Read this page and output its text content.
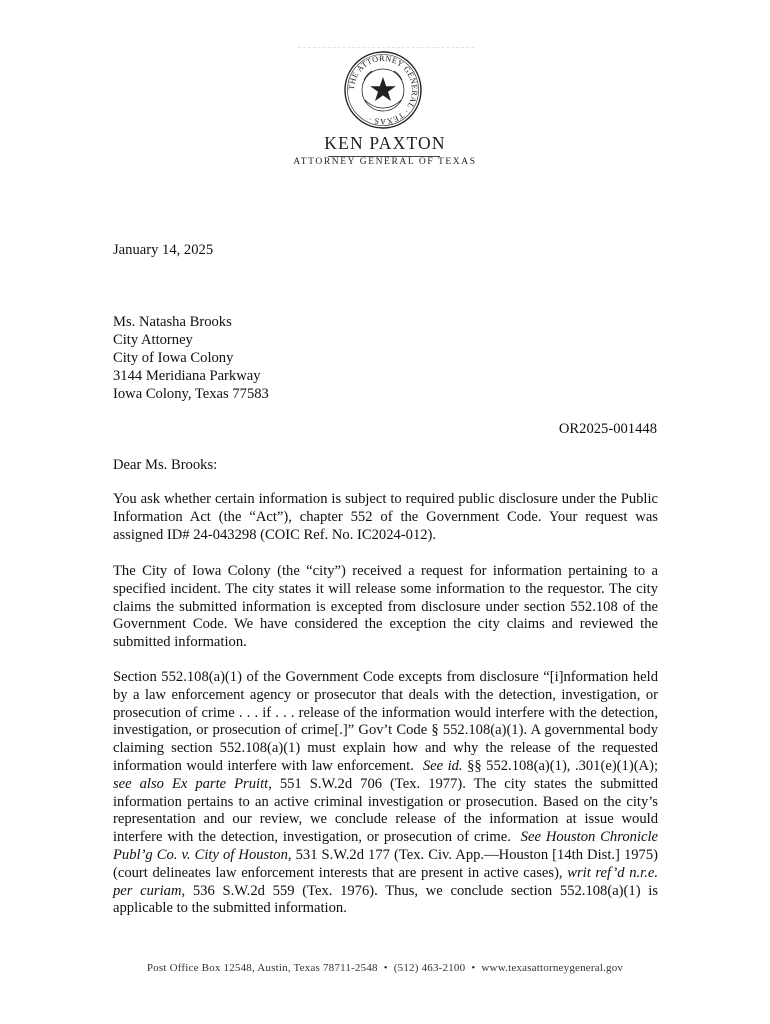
THE ATTORNEY GENERAL · TEXAS ·
KEN PAXTON
ATTORNEY GENERAL OF TEXAS
January 14, 2025
Ms. Natasha Brooks
City Attorney
City of Iowa Colony
3144 Meridiana Parkway
Iowa Colony, Texas 77583
OR2025-001448
Dear Ms. Brooks:

You ask whether certain information is subject to required public disclosure under the Public Information Act (the “Act”), chapter 552 of the Government Code. Your request was assigned ID# 24-043298 (COIC Ref. No. IC2024-012).

The City of Iowa Colony (the “city”) received a request for information pertaining to a specified incident. The city states it will release some information to the requestor. The city claims the submitted information is excepted from disclosure under section 552.108 of the Government Code. We have considered the exception the city claims and reviewed the submitted information.

Section 552.108(a)(1) of the Government Code excepts from disclosure “[i]nformation held by a law enforcement agency or prosecutor that deals with the detection, investigation, or prosecution of crime . . . if . . . release of the information would interfere with the detection, investigation, or prosecution of crime[.]” Gov’t Code § 552.108(a)(1). A governmental body claiming section 552.108(a)(1) must explain how and why the release of the requested information would interfere with law enforcement. See id. §§ 552.108(a)(1), .301(e)(1)(A); see also Ex parte Pruitt, 551 S.W.2d 706 (Tex. 1977). The city states the submitted information pertains to an active criminal investigation or prosecution. Based on the city’s representation and our review, we conclude release of the information at issue would interfere with the detection, investigation, or prosecution of crime. See Houston Chronicle Publ’g Co. v. City of Houston, 531 S.W.2d 177 (Tex. Civ. App.—Houston [14th Dist.] 1975) (court delineates law enforcement interests that are present in active cases), writ ref’d n.r.e. per curiam, 536 S.W.2d 559 (Tex. 1976). Thus, we conclude section 552.108(a)(1) is applicable to the submitted information.

Post Office Box 12548, Austin, Texas 78711-2548 • (512) 463-2100 • www.texasattorneygeneral.gov
